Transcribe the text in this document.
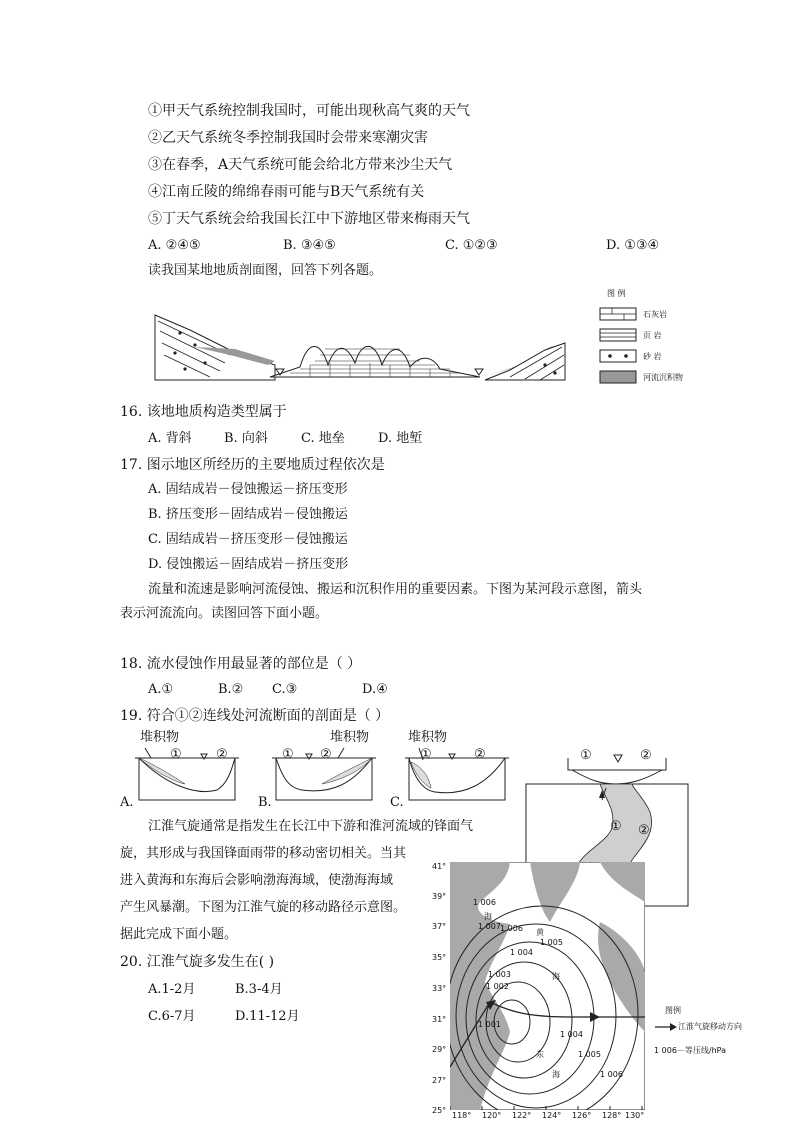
①甲天气系统控制我国时，可能出现秋高气爽的天气
②乙天气系统冬季控制我国时会带来寒潮灾害
③在春季，A天气系统可能会给北方带来沙尘天气
④江南丘陵的绵绵春雨可能与B天气系统有关
⑤丁天气系统会给我国长江中下游地区带来梅雨天气
A. ②④⑤	B. ③④⑤	C. ①②③	D. ①③④
读我国某地地质剖面图，回答下列各题。
图 例
石灰岩
页 岩
砂 岩
河流沉积物
16. 该地地质构造类型属于
A. 背斜 B. 向斜	C. 地垒	D. 地堑
17. 图示地区所经历的主要地质过程依次是
A. 固结成岩－侵蚀搬运－挤压变形
B. 挤压变形－固结成岩－侵蚀搬运
C. 固结成岩－挤压变形－侵蚀搬运
D. 侵蚀搬运－固结成岩－挤压变形
流量和流速是影响河流侵蚀、搬运和沉积作用的重要因素。下图为某河段示意图，箭头
表示河流流向。读图回答下面小题。
18. 流水侵蚀作用最显著的部位是（ ）
A.①	B.② C.③	D.④
19. 符合①②连线处河流断面的剖面是（ ）
堆积物
①	②
A.
堆积物
① ②
B.
堆积物
①	②
C.
①	②
① ②
江淮气旋通常是指发生在长江中下游和淮河流域的锋面气
旋，其形成与我国锋面雨带的移动密切相关。当其
进入黄海和东海后会影响渤海海域，使渤海海域
产生风暴潮。下图为江淮气旋的移动路径示意图。
据此完成下面小题。
20. 江淮气旋多发生在( )
A.1-2月	B.3-4月
C.6-7月	D.11-12月
41°
39°
37°
35°
33°
31°
29°
27°
25°
118° 120° 122° 124° 126° 128° 130°
1 006
1 007 1 006
1 005
1 004
1 003
1 002
1 001
1 004
1 005
1 006
黄
海
海
东
海
图例
江淮气旋移动方向
1 006－等压线/hPa
